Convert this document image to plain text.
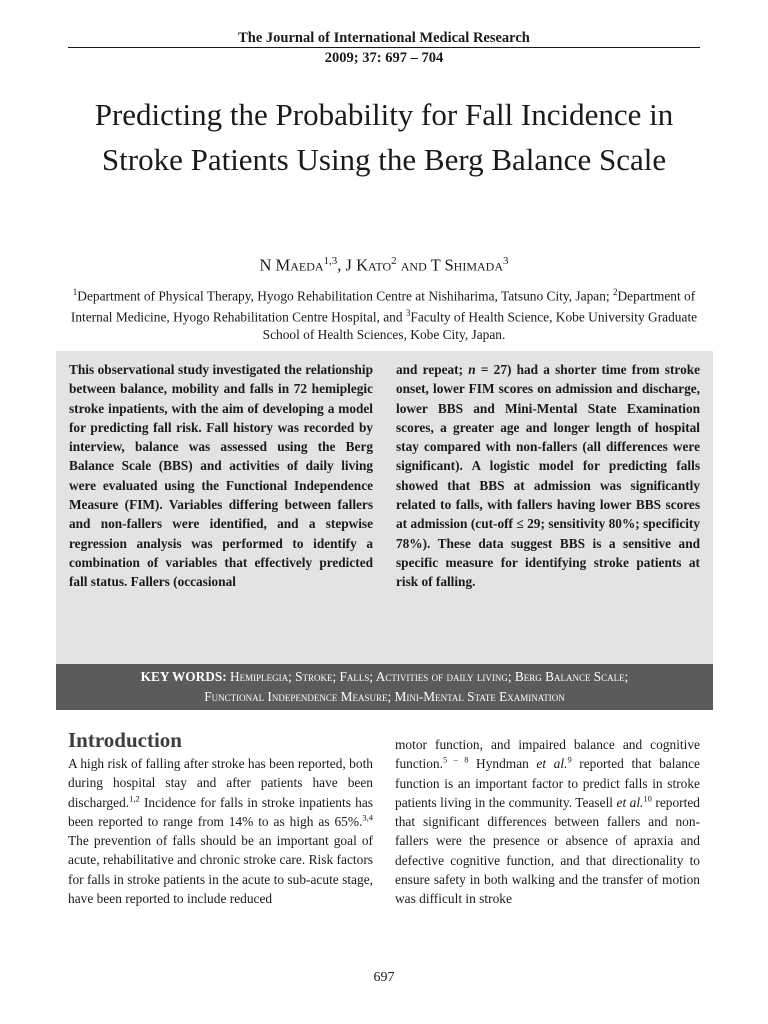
The Journal of International Medical Research
2009; 37: 697 – 704
Predicting the Probability for Fall Incidence in Stroke Patients Using the Berg Balance Scale
N Maeda$^{1,3}$, J Kato$^2$ and T Shimada$^3$
$^1$Department of Physical Therapy, Hyogo Rehabilitation Centre at Nishiharima, Tatsuno City, Japan; $^2$Department of Internal Medicine, Hyogo Rehabilitation Centre Hospital, and $^3$Faculty of Health Science, Kobe University Graduate School of Health Sciences, Kobe City, Japan.
This observational study investigated the relationship between balance, mobility and falls in 72 hemiplegic stroke inpatients, with the aim of developing a model for predicting fall risk. Fall history was recorded by interview, balance was assessed using the Berg Balance Scale (BBS) and activities of daily living were evaluated using the Functional Independence Measure (FIM). Variables differing between fallers and non-fallers were identified, and a stepwise regression analysis was performed to identify a combination of variables that effectively predicted fall status. Fallers (occasional
and repeat; n = 27) had a shorter time from stroke onset, lower FIM scores on admission and discharge, lower BBS and Mini-Mental State Examination scores, a greater age and longer length of hospital stay compared with non-fallers (all differences were significant). A logistic model for predicting falls showed that BBS at admission was significantly related to falls, with fallers having lower BBS scores at admission (cut-off ≤ 29; sensitivity 80%; specificity 78%). These data suggest BBS is a sensitive and specific measure for identifying stroke patients at risk of falling.
KEY WORDS: Hemiplegia; Stroke; Falls; Activities of daily living; Berg Balance Scale;
Functional Independence Measure; Mini-Mental State Examination
Introduction
A high risk of falling after stroke has been reported, both during hospital stay and after patients have been discharged.$^{1,2}$ Incidence for falls in stroke inpatients has been reported to range from 14% to as high as 65%.$^{3,4}$ The prevention of falls should be an important goal of acute, rehabilitative and chronic stroke care. Risk factors for falls in stroke patients in the acute to sub-acute stage, have been reported to include reduced
motor function, and impaired balance and cognitive function.$^{5 - 8}$ Hyndman et al.$^9$ reported that balance function is an important factor to predict falls in stroke patients living in the community. Teasell et al.$^{10}$ reported that significant differences between fallers and non-fallers were the presence or absence of apraxia and defective cognitive function, and that directionality to ensure safety in both walking and the transfer of motion was difficult in stroke
697
